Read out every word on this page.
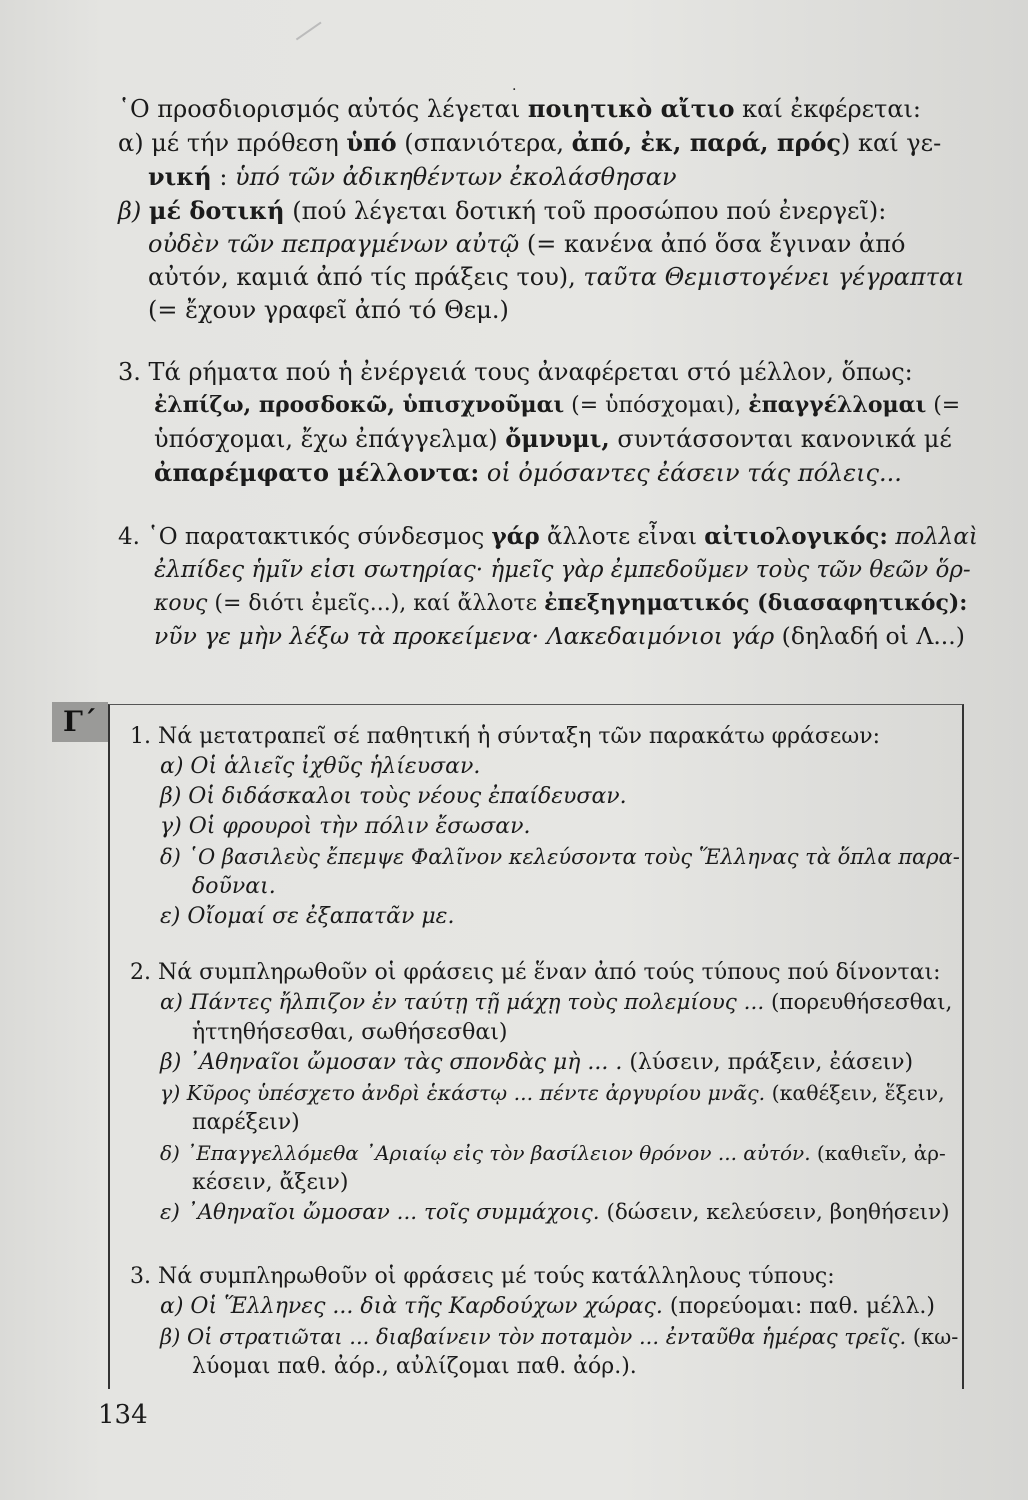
.

῾Ο προσδιορισμός αὐτός λέγεται ποιητικὸ αἴτιο καί ἐκφέρεται:

α) μέ τήν πρόθεση ὑπό (σπανιότερα, ἀπό, ἐκ, παρά, πρός) καί γε-

νική : ὑπό τῶν ἀδικηθέντων ἐκολάσθησαν

β) μέ δοτική (πού λέγεται δοτική τοῦ προσώπου πού ἐνεργεῖ):

οὐδὲν τῶν πεπραγμένων αὐτῷ (= κανένα ἀπό ὅσα ἔγιναν ἀπό

αὐτόν, καμιά ἀπό τίς πράξεις του), ταῦτα Θεμιστογένει γέγραπται

(= ἔχουν γραφεῖ ἀπό τό Θεμ.)

3. Τά ρήματα πού ἡ ἐνέργειά τους ἀναφέρεται στό μέλλον, ὅπως:

ἐλπίζω, προσδοκῶ, ὑπισχνοῦμαι (= ὑπόσχομαι), ἐπαγγέλλομαι (=

ὑπόσχομαι, ἔχω ἐπάγγελμα) ὄμνυμι, συντάσσονται κανονικά μέ

ἀπαρέμφατο μέλλοντα: οἱ ὀμόσαντες ἐάσειν τάς πόλεις...

4. ῾Ο παρατακτικός σύνδεσμος γάρ ἄλλοτε εἶναι αἰτιολογικός: πολλαὶ

ἐλπίδες ἡμῖν εἰσι σωτηρίας· ἡμεῖς γὰρ ἐμπεδοῦμεν τοὺς τῶν θεῶν ὅρ-

κους (= διότι ἐμεῖς...), καί ἄλλοτε ἐπεξηγηματικός (διασαφητικός):

νῦν γε μὴν λέξω τὰ προκείμενα· Λακεδαιμόνιοι γάρ (δηλαδή οἱ Λ...)

Γ΄	1. Νά μετατραπεῖ σέ παθητική ἡ σύνταξη τῶν παρακάτω φράσεων:

α) Οἱ ἁλιεῖς ἰχθῦς ἡλίευσαν.

β) Οἱ διδάσκαλοι τοὺς νέους ἐπαίδευσαν.

γ) Οἱ φρουροὶ τὴν πόλιν ἔσωσαν.

δ) ῾Ο βασιλεὺς ἔπεμψε Φαλῖνον κελεύσοντα τοὺς Ἕλληνας τὰ ὅπλα παρα-

δοῦναι.

ε) Οἴομαί σε ἐξαπατᾶν με.

2. Νά συμπληρωθοῦν οἱ φράσεις μέ ἕναν ἀπό τούς τύπους πού δίνονται:

α) Πάντες ἤλπιζον ἐν ταύτῃ τῇ μάχῃ τοὺς πολεμίους ... (πορευθήσεσθαι,

ἡττηθήσεσθαι, σωθήσεσθαι)

β) ᾿Αθηναῖοι ὤμοσαν τὰς σπονδὰς μὴ ... . (λύσειν, πράξειν, ἐάσειν)

γ) Κῦρος ὑπέσχετο ἀνδρὶ ἑκάστῳ ... πέντε ἀργυρίου μνᾶς. (καθέξειν, ἕξειν,

παρέξειν)

δ) ᾿Επαγγελλόμεθα ᾿Αριαίῳ εἰς τὸν βασίλειον θρόνον ... αὐτόν. (καθιεῖν, ἀρ-

κέσειν, ἄξειν)

ε) ᾿Αθηναῖοι ὤμοσαν ... τοῖς συμμάχοις. (δώσειν, κελεύσειν, βοηθήσειν)

3. Νά συμπληρωθοῦν οἱ φράσεις μέ τούς κατάλληλους τύπους:

α) Οἱ Ἕλληνες ... διὰ τῆς Καρδούχων χώρας. (πορεύομαι: παθ. μέλλ.)

β) Οἱ στρατιῶται ... διαβαίνειν τὸν ποταμὸν ... ἐνταῦθα ἡμέρας τρεῖς. (κω-

λύομαι παθ. ἀόρ., αὐλίζομαι παθ. ἀόρ.).

134
